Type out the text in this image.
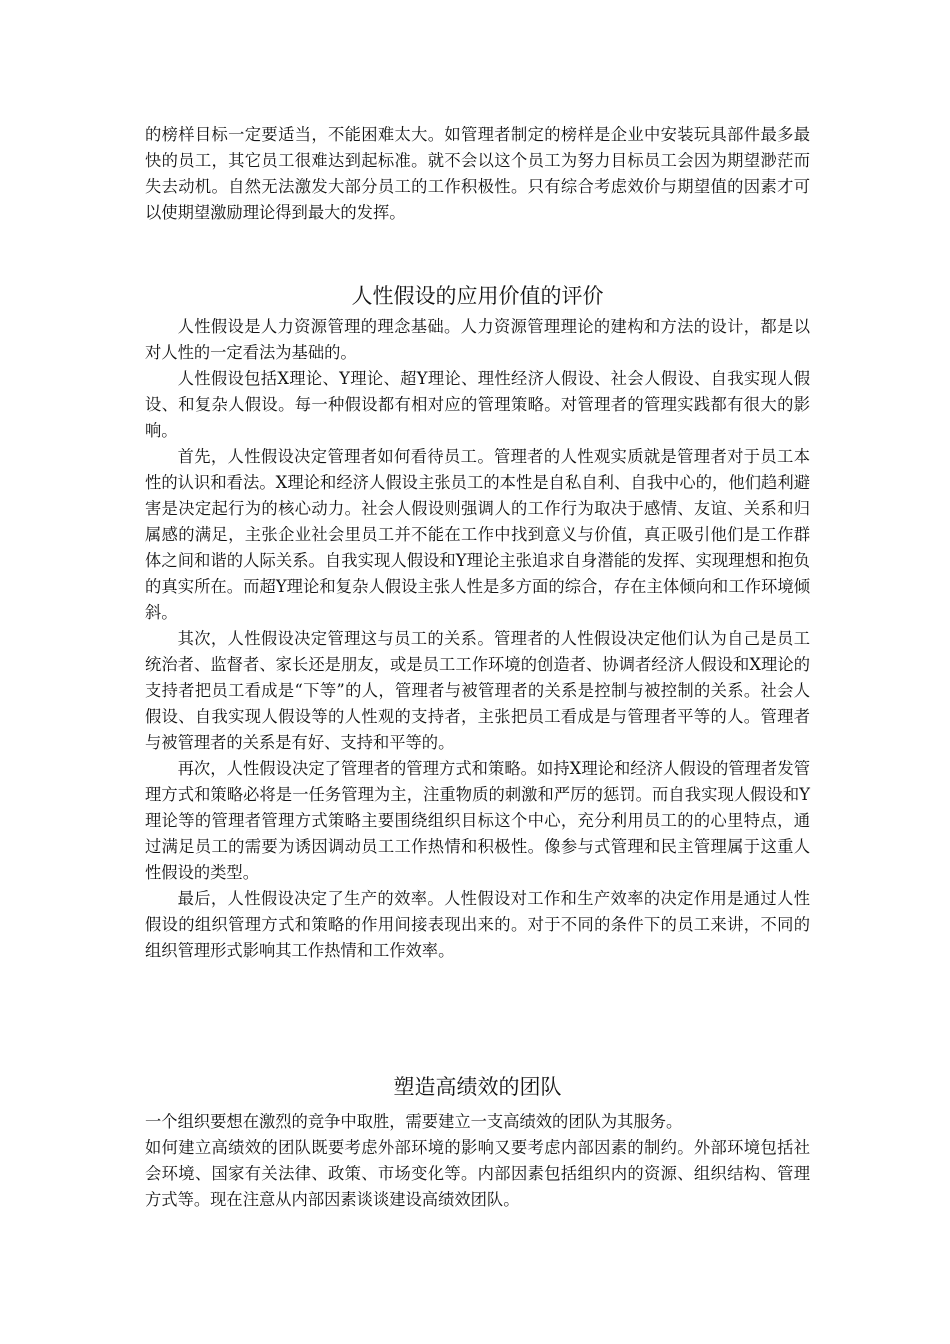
的榜样目标一定要适当，不能困难太大。如管理者制定的榜样是企业中安装玩具部件最多最快的员工，其它员工很难达到起标准。就不会以这个员工为努力目标员工会因为期望渺茫而失去动机。自然无法激发大部分员工的工作积极性。只有综合考虑效价与期望值的因素才可以使期望激励理论得到最大的发挥。

人性假设的应用价值的评价

人性假设是人力资源管理的理念基础。人力资源管理理论的建构和方法的设计，都是以对人性的一定看法为基础的。

人性假设包括X理论、Y理论、超Y理论、理性经济人假设、社会人假设、自我实现人假设、和复杂人假设。每一种假设都有相对应的管理策略。对管理者的管理实践都有很大的影响。

首先，人性假设决定管理者如何看待员工。管理者的人性观实质就是管理者对于员工本性的认识和看法。X理论和经济人假设主张员工的本性是自私自利、自我中心的，他们趋利避害是决定起行为的核心动力。社会人假设则强调人的工作行为取决于感情、友谊、关系和归属感的满足，主张企业社会里员工并不能在工作中找到意义与价值，真正吸引他们是工作群体之间和谐的人际关系。自我实现人假设和Y理论主张追求自身潜能的发挥、实现理想和抱负的真实所在。而超Y理论和复杂人假设主张人性是多方面的综合，存在主体倾向和工作环境倾斜。

其次，人性假设决定管理这与员工的关系。管理者的人性假设决定他们认为自己是员工统治者、监督者、家长还是朋友，或是员工工作环境的创造者、协调者经济人假设和X理论的支持者把员工看成是“下等”的人，管理者与被管理者的关系是控制与被控制的关系。社会人假设、自我实现人假设等的人性观的支持者，主张把员工看成是与管理者平等的人。管理者与被管理者的关系是有好、支持和平等的。

再次，人性假设决定了管理者的管理方式和策略。如持X理论和经济人假设的管理者发管理方式和策略必将是一任务管理为主，注重物质的刺激和严厉的惩罚。而自我实现人假设和Y理论等的管理者管理方式策略主要围绕组织目标这个中心，充分利用员工的的心里特点，通过满足员工的需要为诱因调动员工工作热情和积极性。像参与式管理和民主管理属于这重人性假设的类型。

最后，人性假设决定了生产的效率。人性假设对工作和生产效率的决定作用是通过人性假设的组织管理方式和策略的作用间接表现出来的。对于不同的条件下的员工来讲，不同的组织管理形式影响其工作热情和工作效率。

塑造高绩效的团队

一个组织要想在激烈的竞争中取胜，需要建立一支高绩效的团队为其服务。

如何建立高绩效的团队既要考虑外部环境的影响又要考虑内部因素的制约。外部环境包括社会环境、国家有关法律、政策、市场变化等。内部因素包括组织内的资源、组织结构、管理方式等。现在注意从内部因素谈谈建设高绩效团队。
